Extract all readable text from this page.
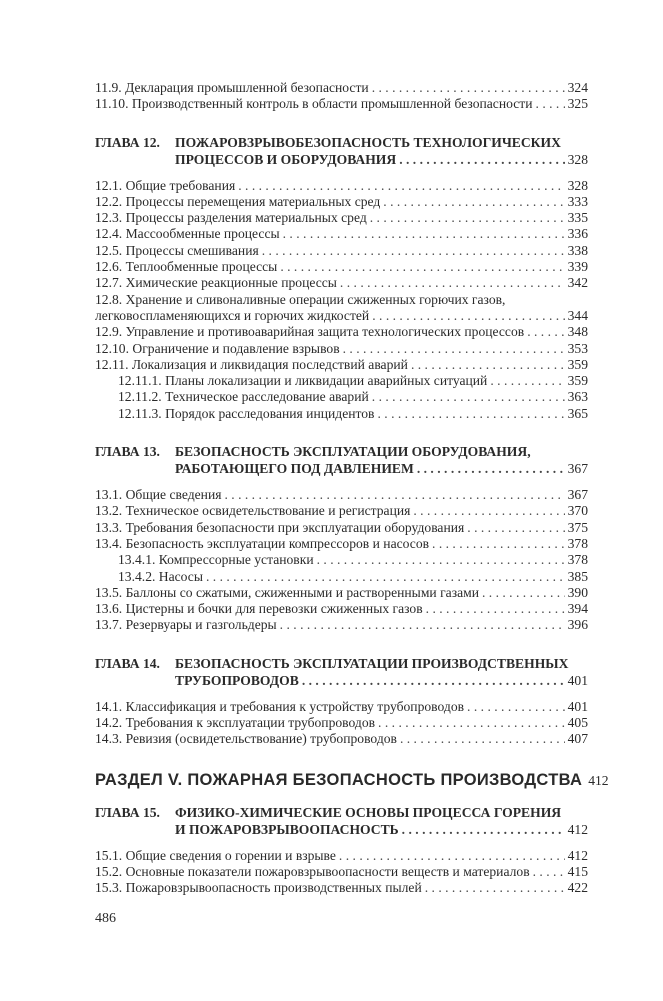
11.9. Декларация промышленной безопасности . . .	324
11.10. Производственный контроль в области промышленной безопасности . . .	325
ГЛАВА 12.	ПОЖАРОВЗРЫВОБЕЗОПАСНОСТЬ ТЕХНОЛОГИЧЕСКИХ
ПРОЦЕССОВ И ОБОРУДОВАНИЯ . . .	328
12.1. Общие требования . . .	328
12.2. Процессы перемещения материальных сред . . .	333
12.3. Процессы разделения материальных сред . . .	335
12.4. Массообменные процессы . . .	336
12.5. Процессы смешивания . . .	338
12.6. Теплообменные процессы . . .	339
12.7. Химические реакционные процессы . . .	342
12.8. Хранение и сливоналивные операции сжиженных горючих газов,
легковоспламеняющихся и горючих жидкостей . . .	344
12.9. Управление и противоаварийная защита технологических процессов . . .	348
12.10. Ограничение и подавление взрывов . . .	353
12.11. Локализация и ликвидация последствий аварий . . .	359
12.11.1. Планы локализации и ликвидации аварийных ситуаций . . .	359
12.11.2. Техническое расследование аварий . . .	363
12.11.3. Порядок расследования инцидентов . . .	365
ГЛАВА 13.	БЕЗОПАСНОСТЬ ЭКСПЛУАТАЦИИ ОБОРУДОВАНИЯ,
РАБОТАЮЩЕГО ПОД ДАВЛЕНИЕМ . . .	367
13.1. Общие сведения . . .	367
13.2. Техническое освидетельствование и регистрация . . .	370
13.3. Требования безопасности при эксплуатации оборудования . . .	375
13.4. Безопасность эксплуатации компрессоров и насосов . . .	378
13.4.1. Компрессорные установки . . .	378
13.4.2. Насосы . . .	385
13.5. Баллоны со сжатыми, сжиженными и растворенными газами . . .	390
13.6. Цистерны и бочки для перевозки сжиженных газов . . .	394
13.7. Резервуары и газгольдеры . . .	396
ГЛАВА 14.	БЕЗОПАСНОСТЬ ЭКСПЛУАТАЦИИ ПРОИЗВОДСТВЕННЫХ
ТРУБОПРОВОДОВ . . .	401
14.1. Классификация и требования к устройству трубопроводов . . .	401
14.2. Требования к эксплуатации трубопроводов . . .	405
14.3. Ревизия (освидетельствование) трубопроводов . . .	407
РАЗДЕЛ V. ПОЖАРНАЯ БЕЗОПАСНОСТЬ ПРОИЗВОДСТВА 412
ГЛАВА 15.	ФИЗИКО-ХИМИЧЕСКИЕ ОСНОВЫ ПРОЦЕССА ГОРЕНИЯ
И ПОЖАРОВЗРЫВООПАСНОСТЬ . . .	412
15.1. Общие сведения о горении и взрыве . . .	412
15.2. Основные показатели пожаровзрывоопасности веществ и материалов . . .	415
15.3. Пожаровзрывоопасность производственных пылей . . .	422
486
